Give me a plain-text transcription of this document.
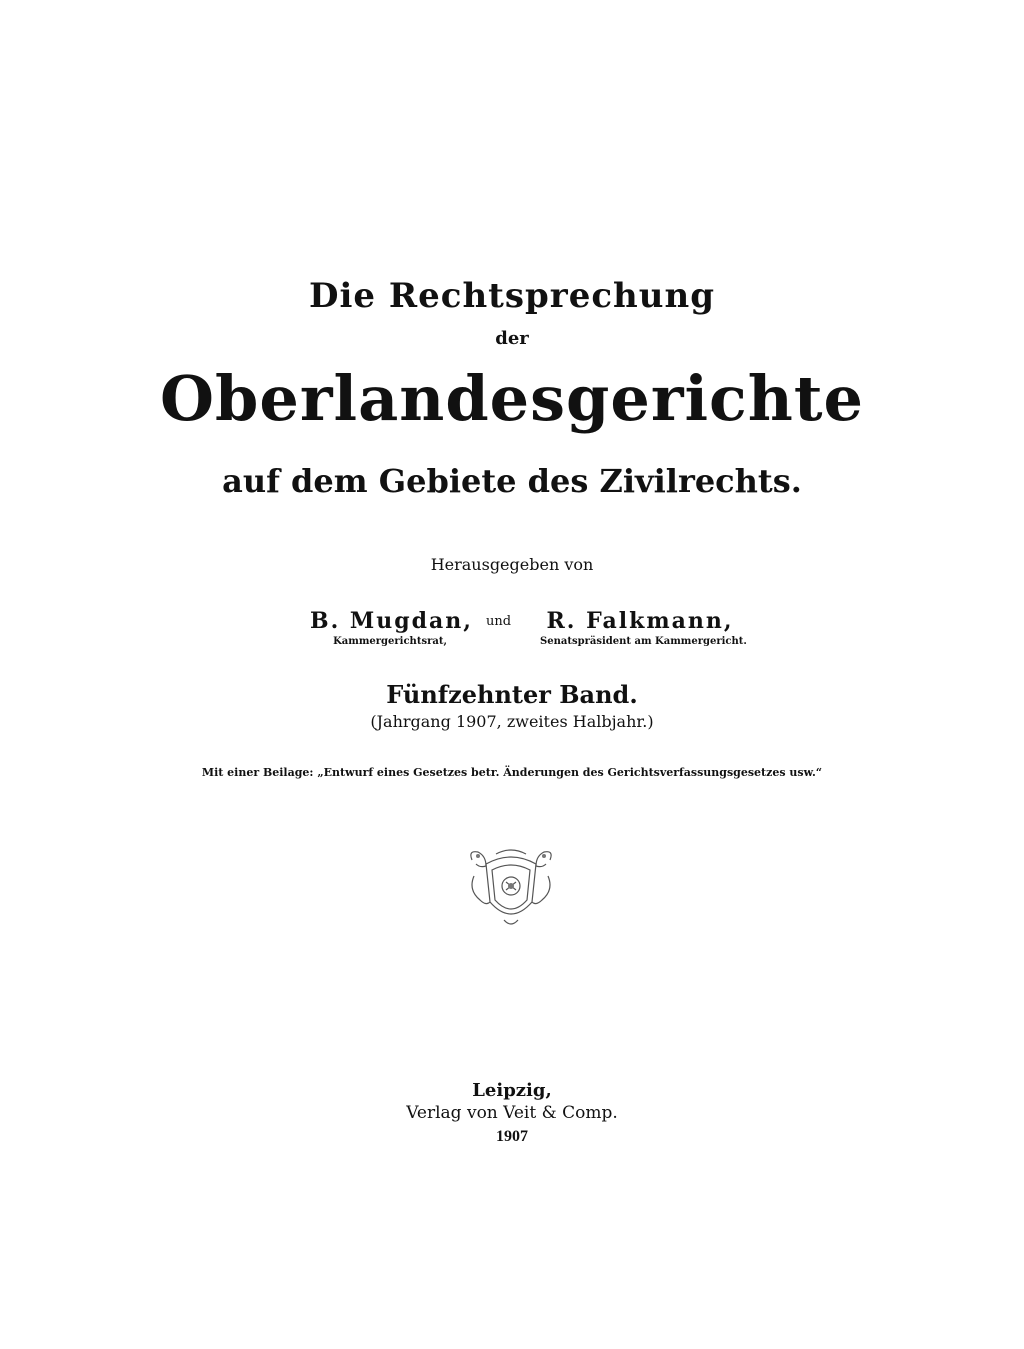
Die Rechtsprechung
der
Oberlandesgerichte
auf dem Gebiete des Zivilrechts.
Herausgegeben von
B. Mugdan,
Kammergerichtsrat,
und R. Falkmann,
Senatspräsident am Kammergericht.
Fünfzehnter Band.
(Jahrgang 1907, zweites Halbjahr.)
Mit einer Beilage: „Entwurf eines Gesetzes betr. Änderungen des Gerichtsverfassungsgesetzes usw.“
Leipzig,
Verlag von Veit & Comp.
1907
